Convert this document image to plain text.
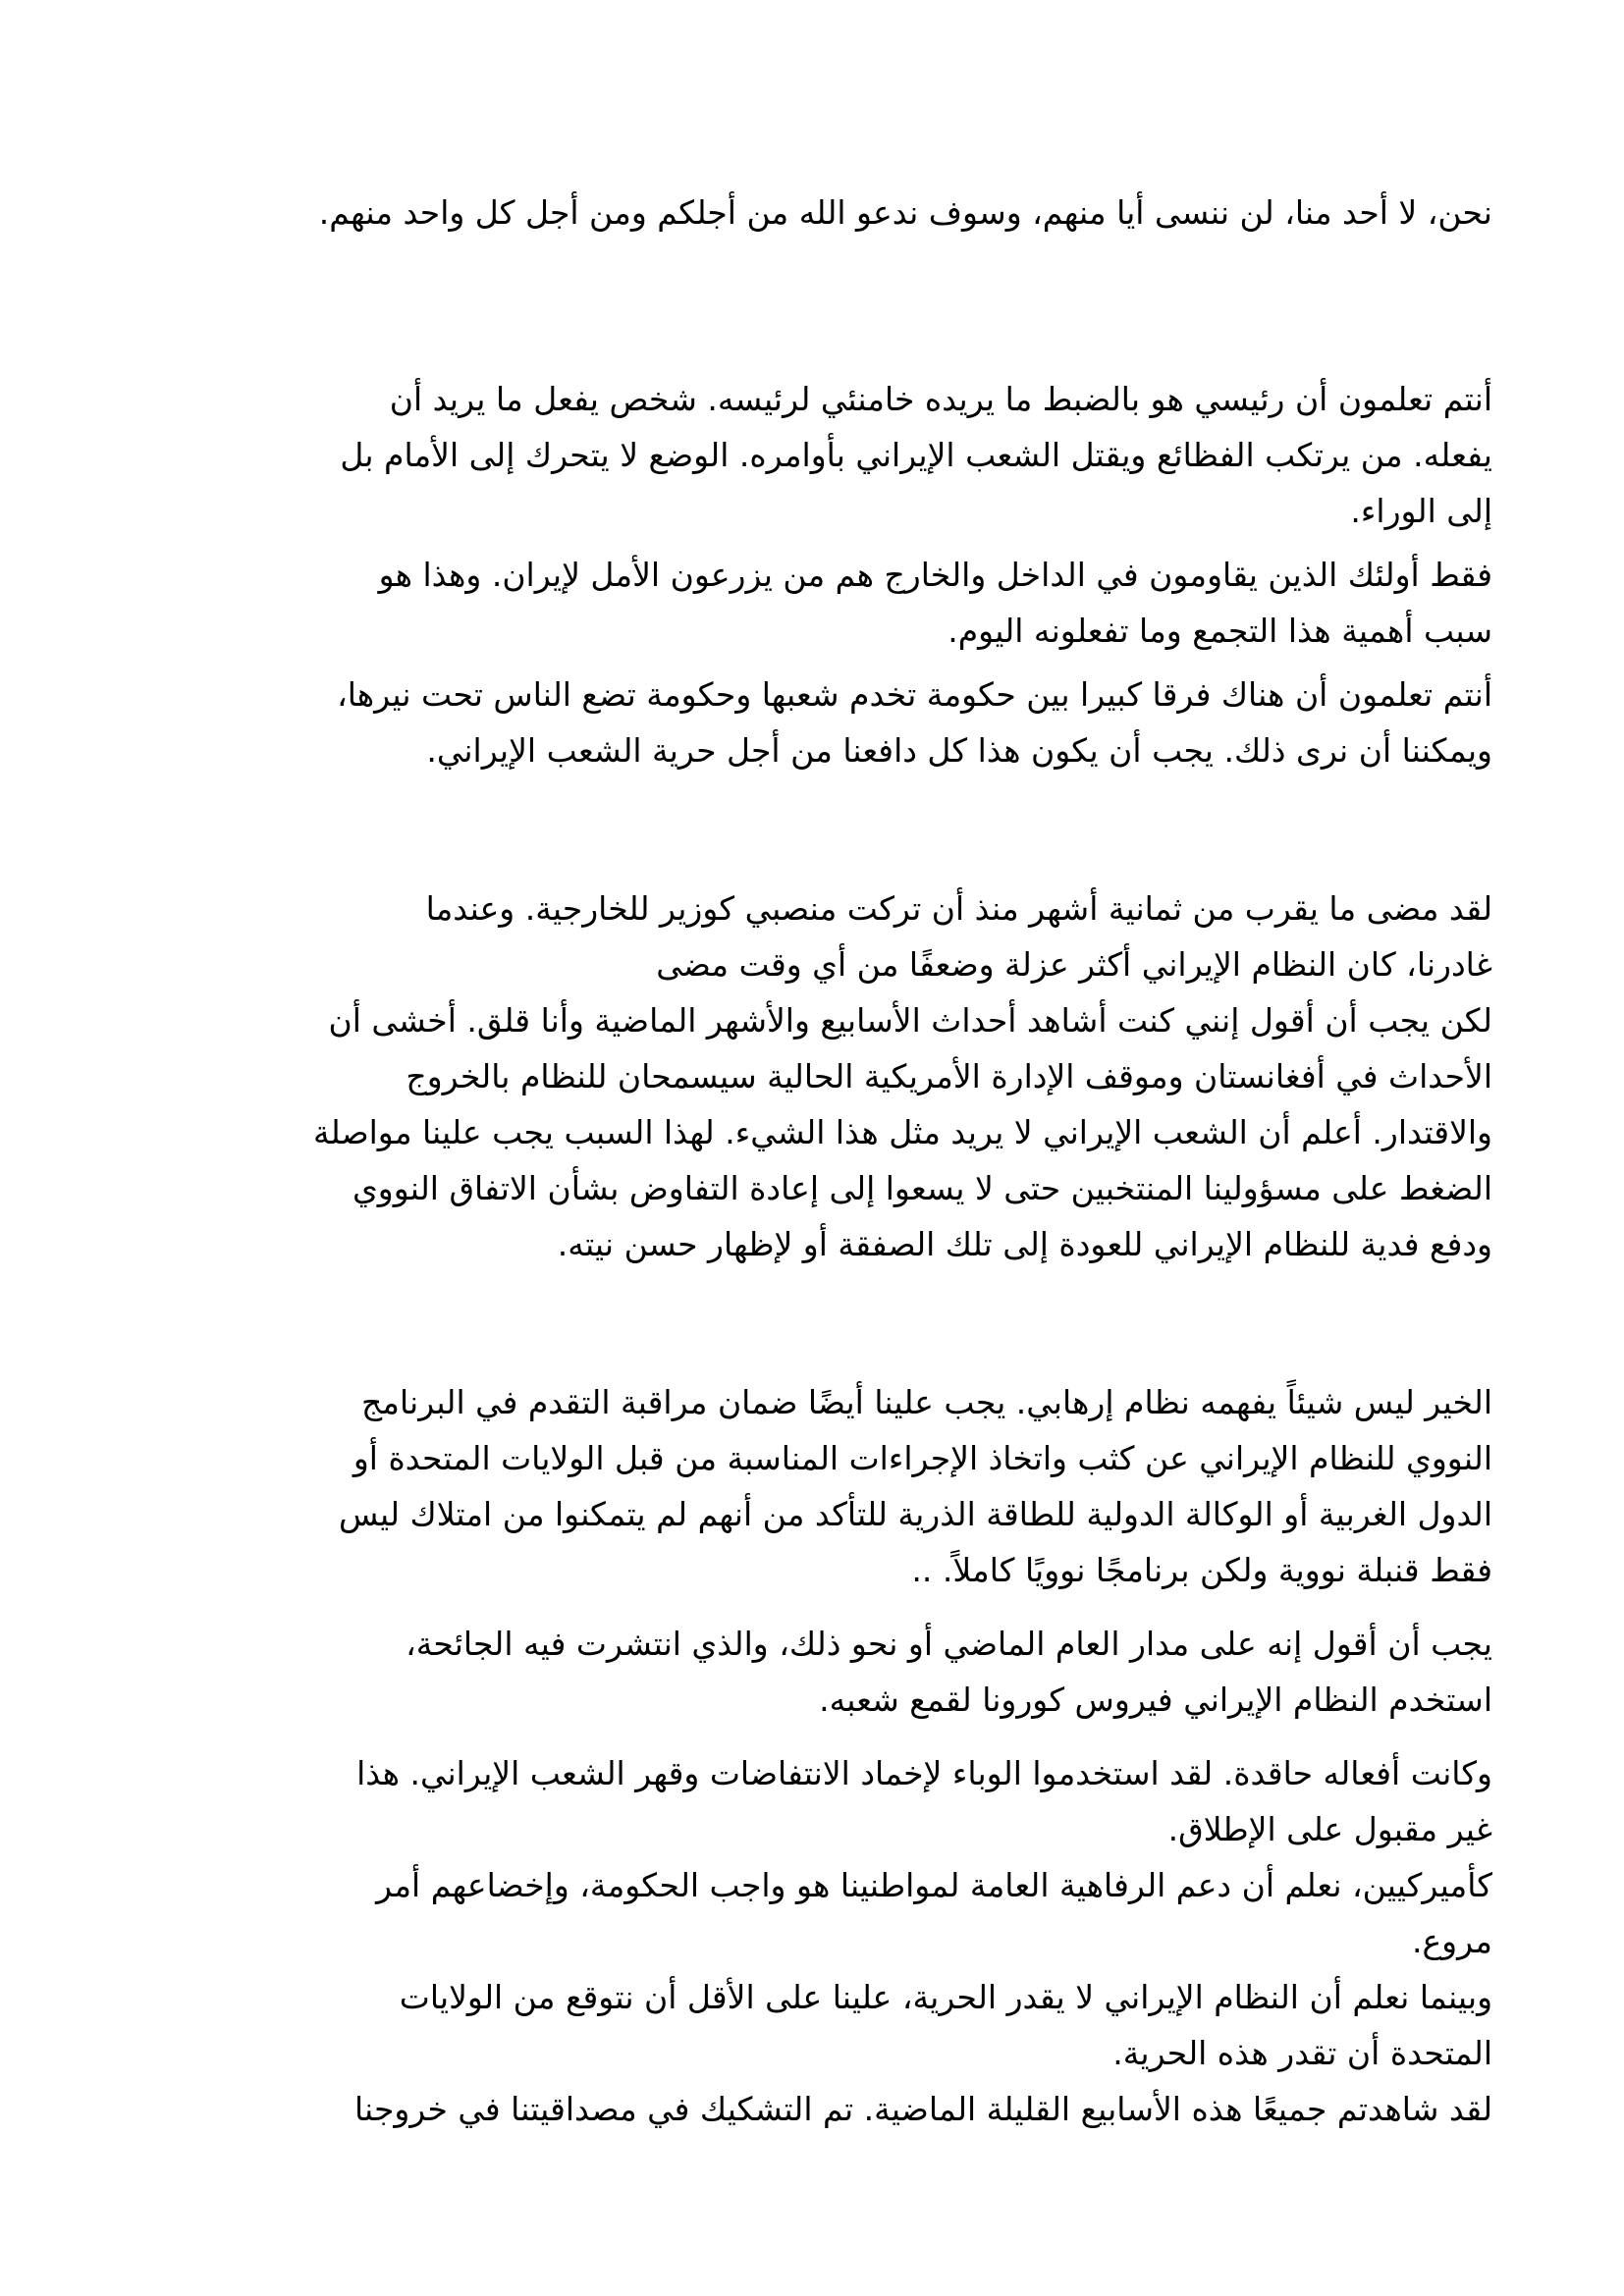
نحن، لا أحد منا، لن ننسى أيا منهم، وسوف ندعو الله من أجلكم ومن أجل كل واحد منهم.
أنتم تعلمون أن رئيسي هو بالضبط ما يريده خامنئي لرئيسه. شخص يفعل ما يريد أن
يفعله. من يرتكب الفظائع ويقتل الشعب الإيراني بأوامره. الوضع لا يتحرك إلى الأمام بل
إلى الوراء.
فقط أولئك الذين يقاومون في الداخل والخارج هم من يزرعون الأمل لإيران. وهذا هو
سبب أهمية هذا التجمع وما تفعلونه اليوم.
أنتم تعلمون أن هناك فرقا كبيرا بين حكومة تخدم شعبها وحكومة تضع الناس تحت نيرها،
ويمكننا أن نرى ذلك. يجب أن يكون هذا كل دافعنا من أجل حرية الشعب الإيراني.
لقد مضى ما يقرب من ثمانية أشهر منذ أن تركت منصبي كوزير للخارجية. وعندما
غادرنا، كان النظام الإيراني أكثر عزلة وضعفًا من أي وقت مضى
لكن يجب أن أقول إنني كنت أشاهد أحداث الأسابيع والأشهر الماضية وأنا قلق. أخشى أن
الأحداث في أفغانستان وموقف الإدارة الأمريكية الحالية سيسمحان للنظام بالخروج
والاقتدار. أعلم أن الشعب الإيراني لا يريد مثل هذا الشيء. لهذا السبب يجب علينا مواصلة
الضغط على مسؤولينا المنتخبين حتى لا يسعوا إلى إعادة التفاوض بشأن الاتفاق النووي
ودفع فدية للنظام الإيراني للعودة إلى تلك الصفقة أو لإظهار حسن نيته.
الخير ليس شيئاً يفهمه نظام إرهابي. يجب علينا أيضًا ضمان مراقبة التقدم في البرنامج
النووي للنظام الإيراني عن كثب واتخاذ الإجراءات المناسبة من قبل الولايات المتحدة أو
الدول الغربية أو الوكالة الدولية للطاقة الذرية للتأكد من أنهم لم يتمكنوا من امتلاك ليس
فقط قنبلة نووية ولكن برنامجًا نوويًا كاملاً. ..
يجب أن أقول إنه على مدار العام الماضي أو نحو ذلك، والذي انتشرت فيه الجائحة،
استخدم النظام الإيراني فيروس كورونا لقمع شعبه.
وكانت أفعاله حاقدة. لقد استخدموا الوباء لإخماد الانتفاضات وقهر الشعب الإيراني. هذا
غير مقبول على الإطلاق.
كأميركيين، نعلم أن دعم الرفاهية العامة لمواطنينا هو واجب الحكومة، وإخضاعهم أمر
مروع.
وبينما نعلم أن النظام الإيراني لا يقدر الحرية، علينا على الأقل أن نتوقع من الولايات
المتحدة أن تقدر هذه الحرية.
لقد شاهدتم جميعًا هذه الأسابيع القليلة الماضية. تم التشكيك في مصداقيتنا في خروجنا
